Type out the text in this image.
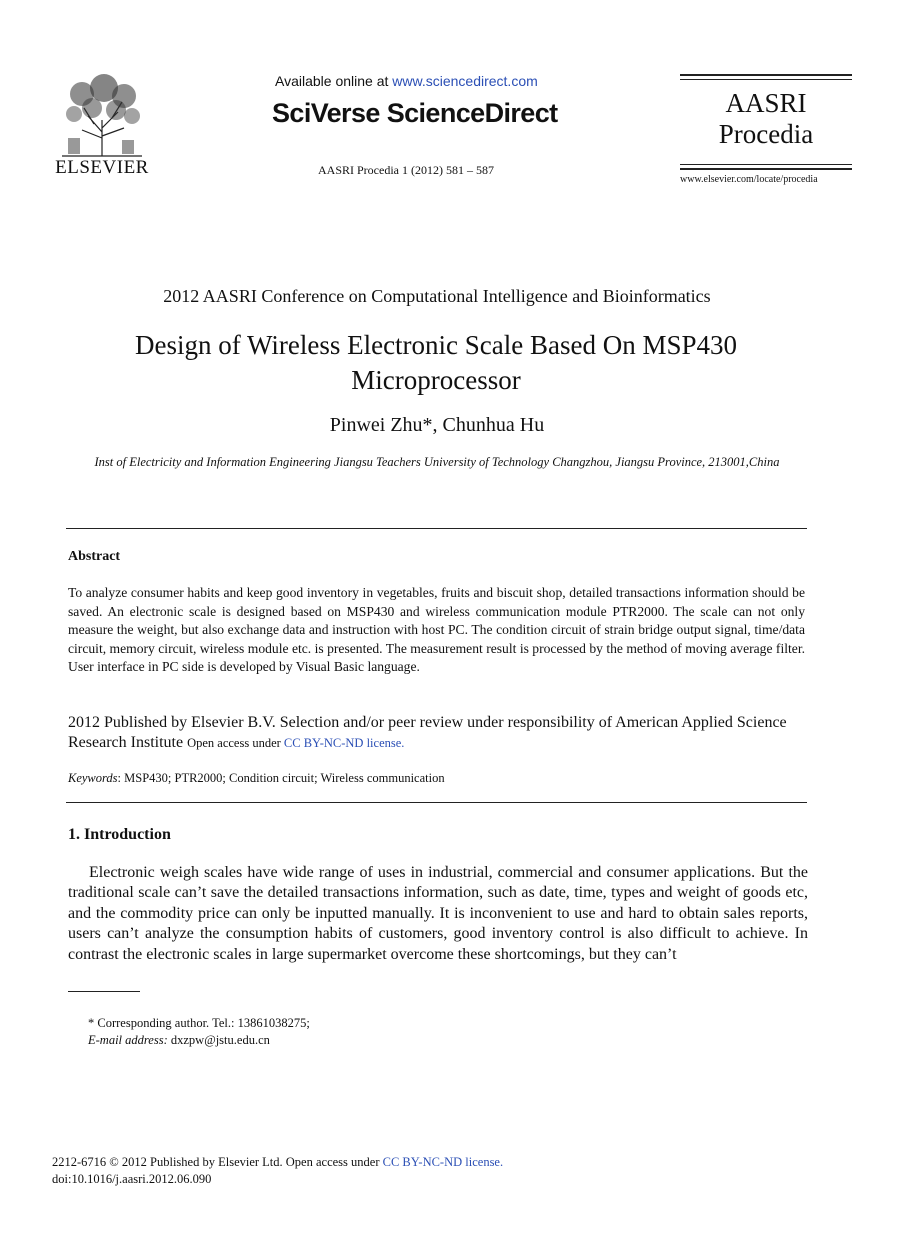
ELSEVIER
Available online at www.sciencedirect.com
SciVerse ScienceDirect
AASRI Procedia 1 (2012) 581 – 587
AASRI
Procedia
www.elsevier.com/locate/procedia
2012 AASRI Conference on Computational Intelligence and Bioinformatics
Design of Wireless Electronic Scale Based On MSP430
Microprocessor
Pinwei Zhu*, Chunhua Hu
Inst of Electricity and Information Engineering Jiangsu Teachers University of Technology Changzhou, Jiangsu Province, 213001,China
Abstract
To analyze consumer habits and keep good inventory in vegetables, fruits and biscuit shop, detailed transactions information should be saved. An electronic scale is designed based on MSP430 and wireless communication module PTR2000. The scale can not only measure the weight, but also exchange data and instruction with host PC. The condition circuit of strain bridge output signal, time/data circuit, memory circuit, wireless module etc. is presented. The measurement result is processed by the method of moving average filter. User interface in PC side is developed by Visual Basic language.
2012 Published by Elsevier B.V. Selection and/or peer review under responsibility of American Applied Science Research Institute Open access under CC BY-NC-ND license.
Keywords: MSP430; PTR2000; Condition circuit; Wireless communication
1. Introduction
Electronic weigh scales have wide range of uses in industrial, commercial and consumer applications. But the traditional scale can’t save the detailed transactions information, such as date, time, types and weight of goods etc, and the commodity price can only be inputted manually. It is inconvenient to use and hard to obtain sales reports, users can’t analyze the consumption habits of customers, good inventory control is also difficult to achieve. In contrast the electronic scales in large supermarket overcome these shortcomings, but they can’t
* Corresponding author. Tel.: 13861038275;
E-mail address: dxzpw@jstu.edu.cn
2212-6716 © 2012 Published by Elsevier Ltd. Open access under CC BY-NC-ND license.
doi:10.1016/j.aasri.2012.06.090
